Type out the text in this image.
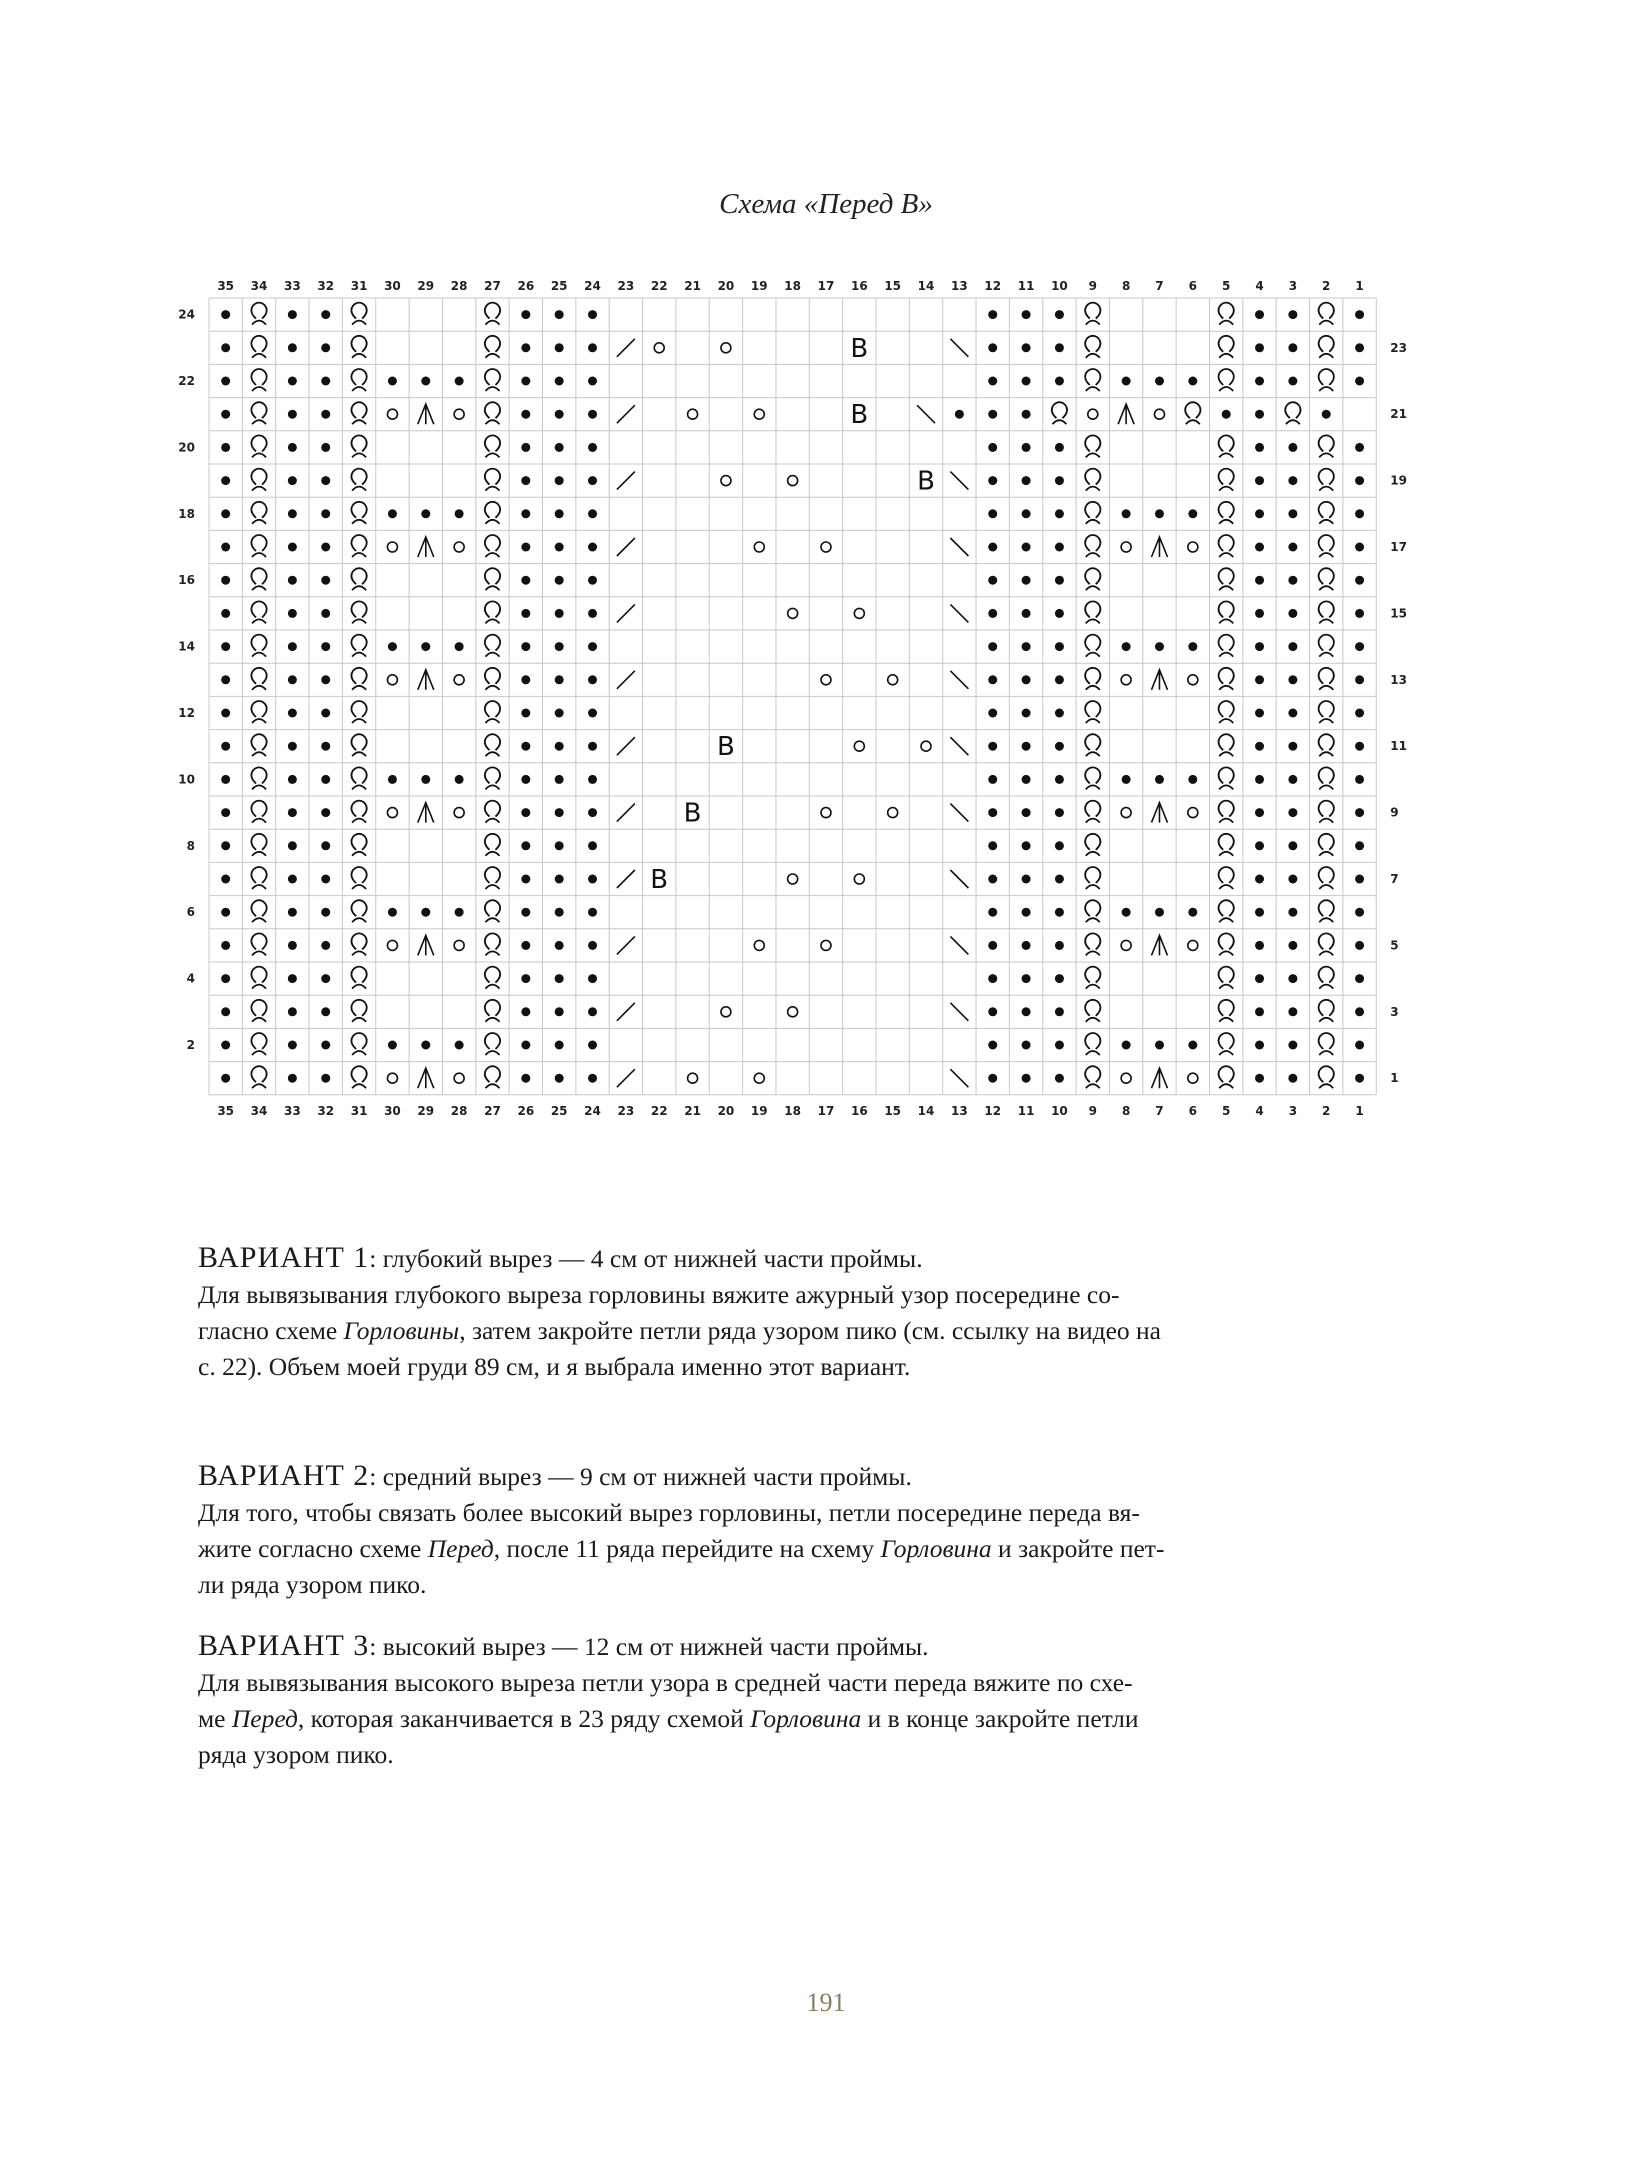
Схема «Перед В»
35
35
34
34
33
33
32
32
31
31
30
30
29
29
28
28
27
27
26
26
25
25
24
24
23
23
22
22
21
21
20
20
19
19
18
18
17
17
16
16
15
15
14
14
13
13
12
12
11
11
10
10
9
9
8
8
7
7
6
6
5
5
4
4
3
3
2
2
1
1
24
22
20
18
16
14
12
10
8
6
4
2
23
21
19
17
15
13
11
9
7
5
3
1
B
B
B
B
B
B

ВАРИАНТ 1: глубокий вырез — 4 см от нижней части проймы.

Для вывязывания глубокого выреза горловины вяжите ажурный узор посередине со-

гласно схеме Горловины, затем закройте петли ряда узором пико (см. ссылку на видео на

с. 22). Объем моей груди 89 см, и я выбрала именно этот вариант.

ВАРИАНТ 2: средний вырез — 9 см от нижней части проймы.

Для того, чтобы связать более высокий вырез горловины, петли посередине переда вя-

жите согласно схеме Перед, после 11 ряда перейдите на схему Горловина и закройте пет-

ли ряда узором пико.

ВАРИАНТ 3: высокий вырез — 12 см от нижней части проймы.

Для вывязывания высокого выреза петли узора в средней части переда вяжите по схе-

ме Перед, которая заканчивается в 23 ряду схемой Горловина и в конце закройте петли

ряда узором пико.

191
